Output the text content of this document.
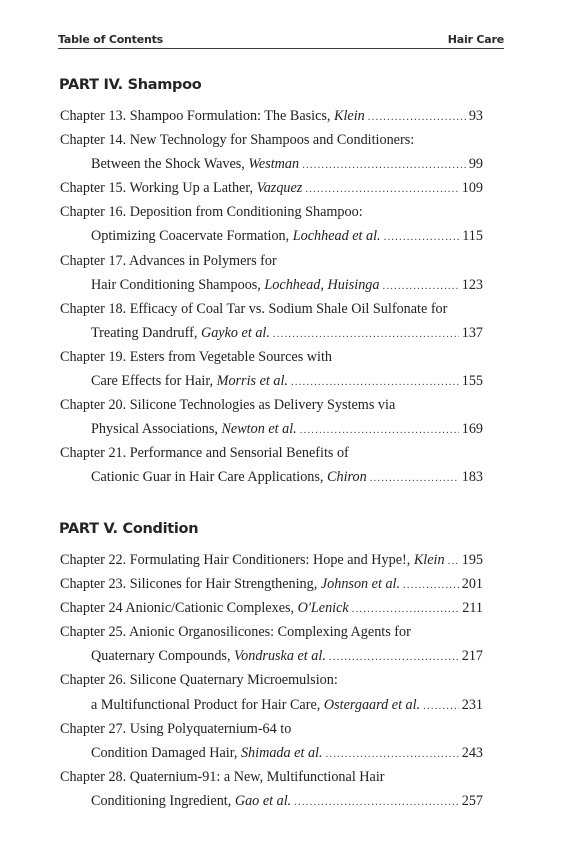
Table of Contents	Hair Care
PART IV. Shampoo
Chapter 13. Shampoo Formulation: The Basics, Klein .....	93
Chapter 14. New Technology for Shampoos and Conditioners:
Between the Shock Waves, Westman .....	99
Chapter 15. Working Up a Lather, Vazquez .....	109
Chapter 16. Deposition from Conditioning Shampoo:
Optimizing Coacervate Formation, Lochhead et al. .....	115
Chapter 17. Advances in Polymers for
Hair Conditioning Shampoos, Lochhead, Huisinga .....	123
Chapter 18. Efficacy of Coal Tar vs. Sodium Shale Oil Sulfonate for
Treating Dandruff, Gayko et al. .....	137
Chapter 19. Esters from Vegetable Sources with
Care Effects for Hair, Morris et al. .....	155
Chapter 20. Silicone Technologies as Delivery Systems via
Physical Associations, Newton et al. .....	169
Chapter 21. Performance and Sensorial Benefits of
Cationic Guar in Hair Care Applications, Chiron .....	183
PART V. Condition
Chapter 22. Formulating Hair Conditioners: Hope and Hype!, Klein ..... 195
Chapter 23. Silicones for Hair Strengthening, Johnson et al. .....	201
Chapter 24 Anionic/Cationic Complexes, O'Lenick .....	211
Chapter 25. Anionic Organosilicones: Complexing Agents for
Quaternary Compounds, Vondruska et al. .....	217
Chapter 26. Silicone Quaternary Microemulsion:
a Multifunctional Product for Hair Care, Ostergaard et al. .....	231
Chapter 27. Using Polyquaternium-64 to
Condition Damaged Hair, Shimada et al. .....	243
Chapter 28. Quaternium-91: a New, Multifunctional Hair
Conditioning Ingredient, Gao et al. .....	257
